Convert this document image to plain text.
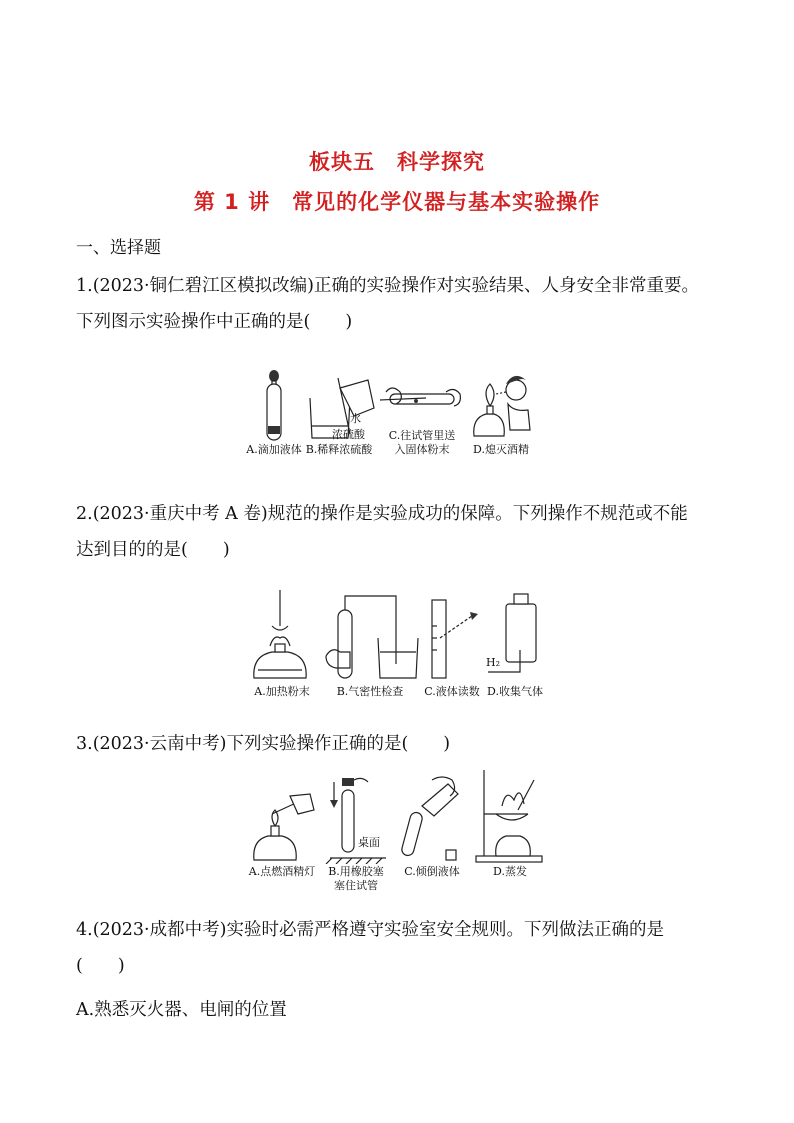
板块五　科学探究
第 1 讲　常见的化学仪器与基本实验操作
一、选择题
1.(2023·铜仁碧江区模拟改编)正确的实验操作对实验结果、人身安全非常重要。
下列图示实验操作中正确的是(　　)
A.滴加液体
水
浓硫酸
B.稀释浓硫酸
C.往试管里送
入固体粉末	D.熄灭酒精
2.(2023·重庆中考 A 卷)规范的操作是实验成功的保障。下列操作不规范或不能
达到目的的是(　　)
A.加热粉末 B.气密性检查 C.液体读数
H₂
D.收集气体
3.(2023·云南中考)下列实验操作正确的是(　　)
A.点燃酒精灯
桌面
B.用橡胶塞
塞住试管
C.倾倒液体	D.蒸发
4.(2023·成都中考)实验时必需严格遵守实验室安全规则。下列做法正确的是
(　　)
A.熟悉灭火器、电闸的位置
